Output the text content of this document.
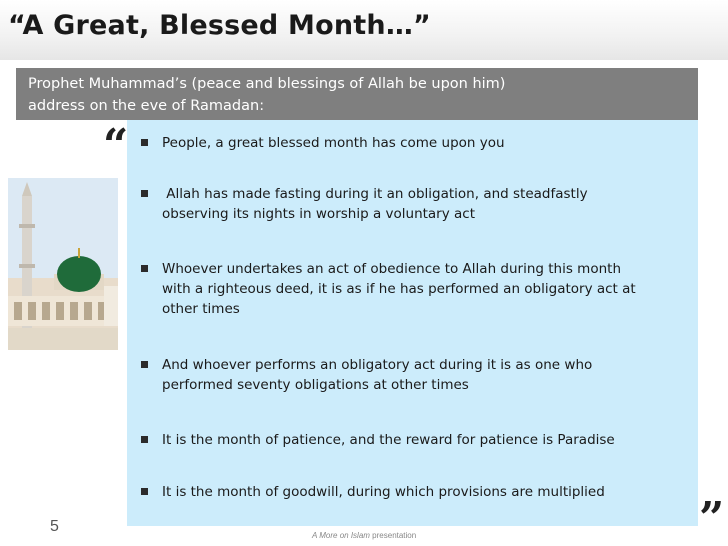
“A Great, Blessed Month…”
Prophet Muhammad’s (peace and blessings of Allah be upon him)
address on the eve of Ramadan:
“ People, a great blessed month has come upon you
Allah has made fasting during it an obligation, and steadfastly
observing its nights in worship a voluntary act
Whoever undertakes an act of obedience to Allah during this month
with a righteous deed, it is as if he has performed an obligatory act at
other times
And whoever performs an obligatory act during it is as one who
performed seventy obligations at other times
It is the month of patience, and the reward for patience is Paradise
It is the month of goodwill, during which provisions are multiplied
”
5
A More on Islam presentation
